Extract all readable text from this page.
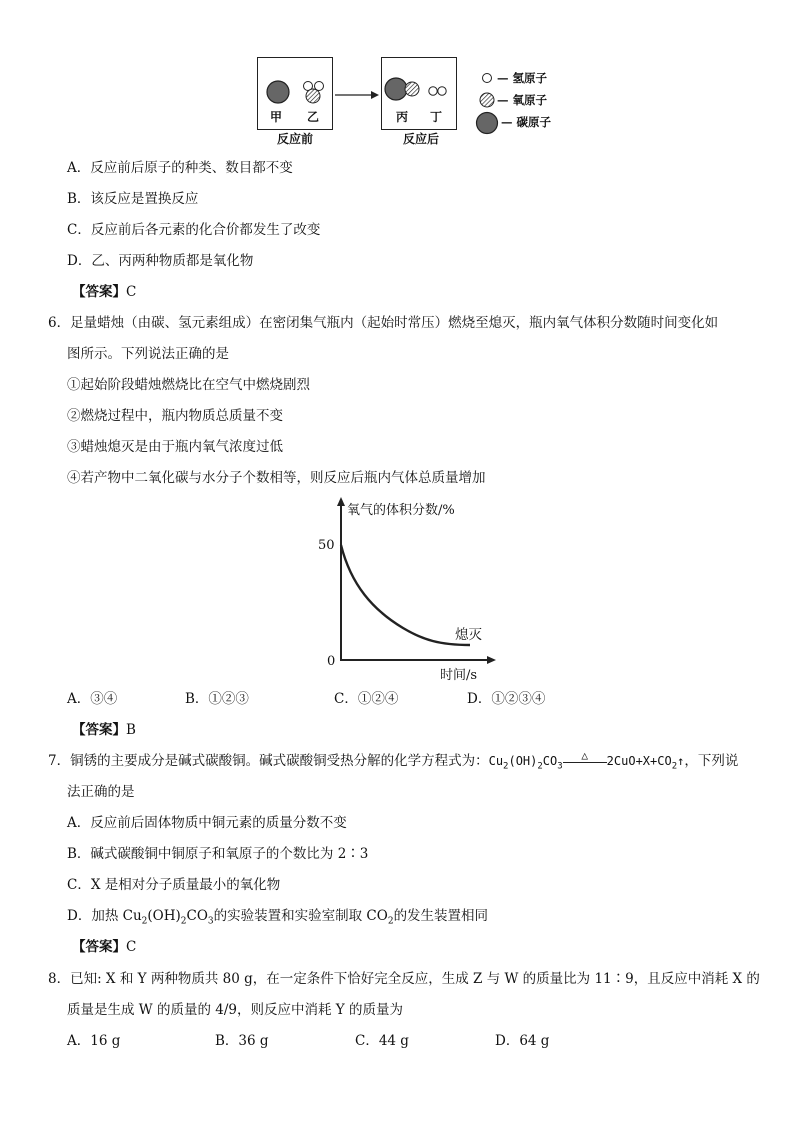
甲	乙
反应前
丙	丁
反应后
— 氢原子
— 氧原子
— 碳原子
A．反应前后原子的种类、数目都不变
B．该反应是置换反应
C．反应前后各元素的化合价都发生了改变
D．乙、丙两种物质都是氧化物
【答案】C
6．足量蜡烛（由碳、氢元素组成）在密闭集气瓶内（起始时常压）燃烧至熄灭，瓶内氧气体积分数随时间变化如
图所示。下列说法正确的是
①起始阶段蜡烛燃烧比在空气中燃烧剧烈
②燃烧过程中，瓶内物质总质量不变
③蜡烛熄灭是由于瓶内氧气浓度过低
④若产物中二氧化碳与水分子个数相等，则反应后瓶内气体总质量增加
氧气的体积分数/%
50
0
熄灭
时间/s
A．③④	B．①②③	C．①②④	D．①②③④
【答案】B
7．铜锈的主要成分是碱式碳酸铜。碱式碳酸铜受热分解的化学方程式为：$Cu_2(OH)_2CO_3\triangle$ $2CuO+X+CO_2↑$，下列说
法正确的是
A．反应前后固体物质中铜元素的质量分数不变
B．碱式碳酸铜中铜原子和氧原子的个数比为 2∶3
C．X 是相对分子质量最小的氧化物
D．加热 $Cu_2(OH)_2CO_3$的实验装置和实验室制取 $CO_2$的发生装置相同
【答案】C
8．已知: X 和 Y 两种物质共 80 g，在一定条件下恰好完全反应，生成 Z 与 W 的质量比为 11∶9，且反应中消耗 X 的
质量是生成 W 的质量的 4/9，则反应中消耗 Y 的质量为
A．16 g	B．36 g	C．44 g	D．64 g
